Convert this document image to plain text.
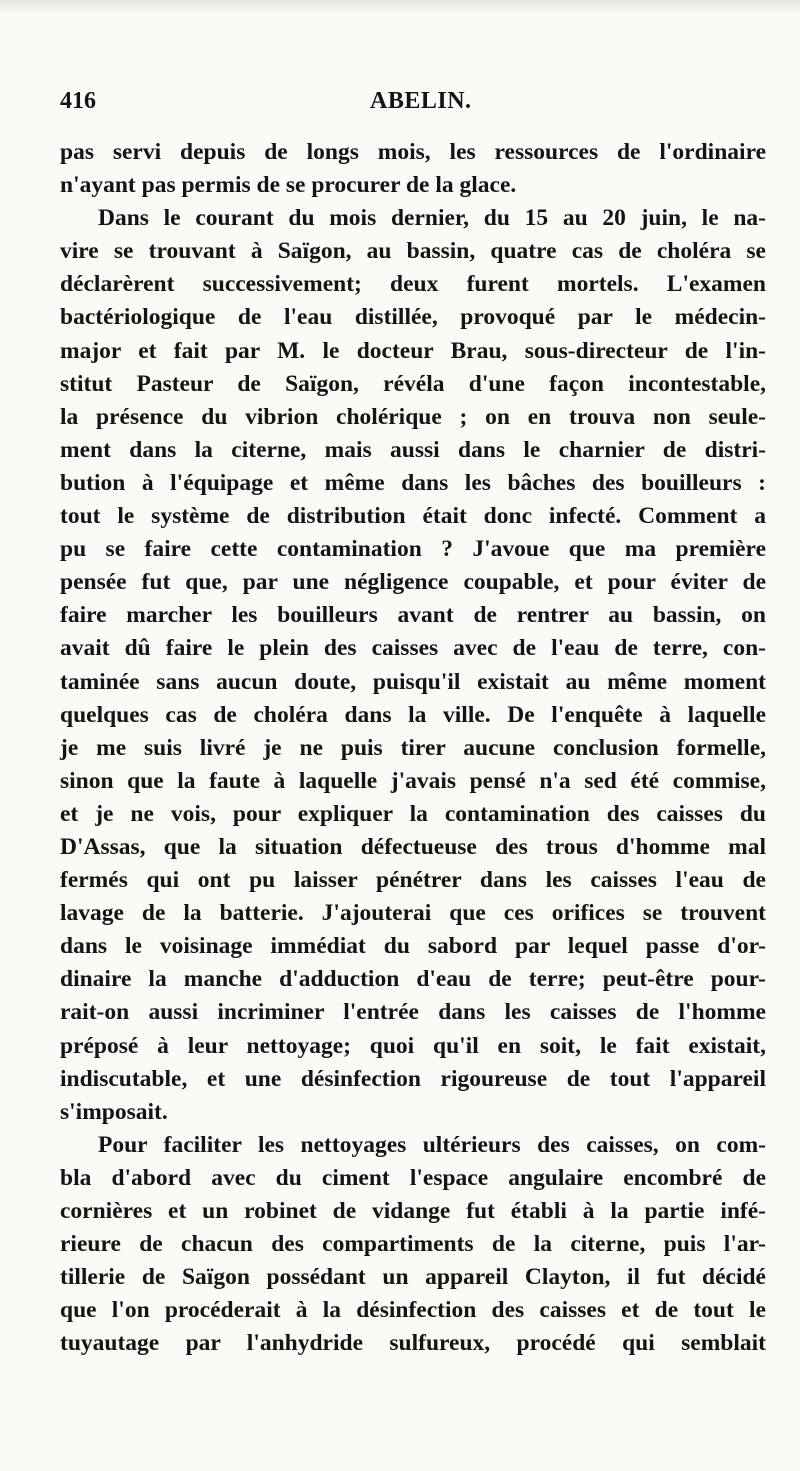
416	ABELIN.
pas servi depuis de longs mois, les ressources de l'ordinaire
n'ayant pas permis de se procurer de la glace.
Dans le courant du mois dernier, du 15 au 20 juin, le na-
vire se trouvant à Saïgon, au bassin, quatre cas de choléra se
déclarèrent successivement; deux furent mortels. L'examen
bactériologique de l'eau distillée, provoqué par le médecin-
major et fait par M. le docteur Brau, sous-directeur de l'in-
stitut Pasteur de Saïgon, révéla d'une façon incontestable,
la présence du vibrion cholérique ; on en trouva non seule-
ment dans la citerne, mais aussi dans le charnier de distri-
bution à l'équipage et même dans les bâches des bouilleurs :
tout le système de distribution était donc infecté. Comment a
pu se faire cette contamination ? J'avoue que ma première
pensée fut que, par une négligence coupable, et pour éviter de
faire marcher les bouilleurs avant de rentrer au bassin, on
avait dû faire le plein des caisses avec de l'eau de terre, con-
taminée sans aucun doute, puisqu'il existait au même moment
quelques cas de choléra dans la ville. De l'enquête à laquelle
je me suis livré je ne puis tirer aucune conclusion formelle,
sinon que la faute à laquelle j'avais pensé n'a sed été commise,
et je ne vois, pour expliquer la contamination des caisses du
D'Assas, que la situation défectueuse des trous d'homme mal
fermés qui ont pu laisser pénétrer dans les caisses l'eau de
lavage de la batterie. J'ajouterai que ces orifices se trouvent
dans le voisinage immédiat du sabord par lequel passe d'or-
dinaire la manche d'adduction d'eau de terre; peut-être pour-
rait-on aussi incriminer l'entrée dans les caisses de l'homme
préposé à leur nettoyage; quoi qu'il en soit, le fait existait,
indiscutable, et une désinfection rigoureuse de tout l'appareil
s'imposait.
Pour faciliter les nettoyages ultérieurs des caisses, on com-
bla d'abord avec du ciment l'espace angulaire encombré de
cornières et un robinet de vidange fut établi à la partie infé-
rieure de chacun des compartiments de la citerne, puis l'ar-
tillerie de Saïgon possédant un appareil Clayton, il fut décidé
que l'on procéderait à la désinfection des caisses et de tout le
tuyautage par l'anhydride sulfureux, procédé qui semblait
